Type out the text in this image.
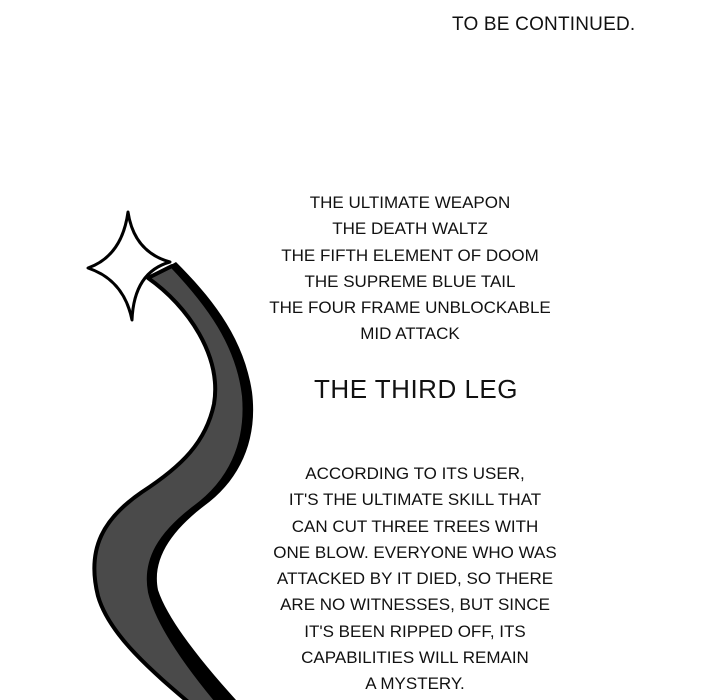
TO BE CONTINUED.
THE ULTIMATE WEAPON
THE DEATH WALTZ
THE FIFTH ELEMENT OF DOOM
THE SUPREME BLUE TAIL
THE FOUR FRAME UNBLOCKABLE
MID ATTACK
THE THIRD LEG
ACCORDING TO ITS USER,
IT'S THE ULTIMATE SKILL THAT
CAN CUT THREE TREES WITH
ONE BLOW. EVERYONE WHO WAS
ATTACKED BY IT DIED, SO THERE
ARE NO WITNESSES, BUT SINCE
IT'S BEEN RIPPED OFF, ITS
CAPABILITIES WILL REMAIN
A MYSTERY.
